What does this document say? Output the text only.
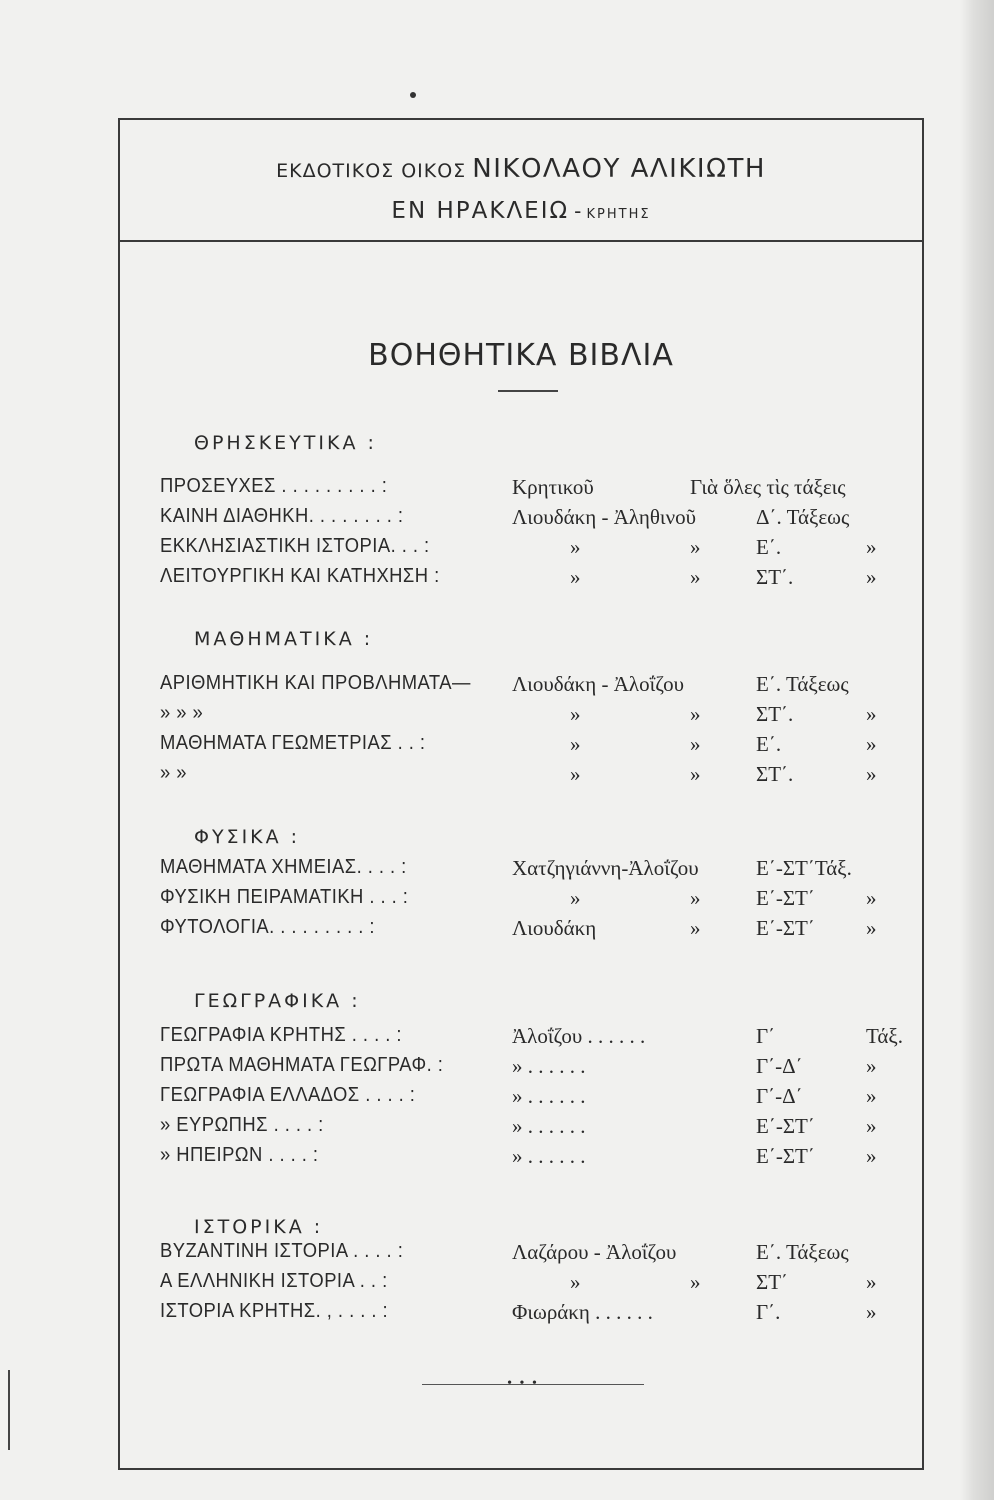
ΕΚΔΟΤΙΚΟΣ ΟΙΚΟΣ ΝΙΚΟΛΑΟΥ ΑΛΙΚΙΩΤΗ
ΕΝ ΗΡΑΚΛΕΙΩ - ΚΡΗΤΗΣ
ΒΟΗΘΗΤΙΚΑ ΒΙΒΛΙΑ
ΘΡΗΣΚΕΥΤΙΚΑ :
ΠΡΟΣΕΥΧΕΣ . . . . . . . . . :	Κρητικοῦ	Γιὰ ὅλες τὶς τάξεις
ΚΑΙΝΗ ΔΙΑΘΗΚΗ. . . . . . . . :	Λιουδάκη - Ἀληθινοῦ	Δ΄. Τάξεως
ΕΚΚΛΗΣΙΑΣΤΙΚΗ ΙΣΤΟΡΙΑ. . . :	»	»	Ε΄.	»
ΛΕΙΤΟΥΡΓΙΚΗ ΚΑΙ ΚΑΤΗΧΗΣΗ :	»	»	ΣΤ΄.	»
ΜΑΘΗΜΑΤΙΚΑ :
ΑΡΙΘΜΗΤΙΚΗ ΚΑΙ ΠΡΟΒΛΗΜΑΤΑ— Λιουδάκη - Ἀλοΐζου	Ε΄. Τάξεως
» » »	»	»	ΣΤ΄.	»
ΜΑΘΗΜΑΤΑ ΓΕΩΜΕΤΡΙΑΣ . . :	»	»	Ε΄.	»
» »	»	»	ΣΤ΄.	»
ΦΥΣΙΚΑ :
ΜΑΘΗΜΑΤΑ ΧΗΜΕΙΑΣ. . . . :	Χατζηγιάννη-Ἀλοΐζου	Ε΄-ΣΤ΄Τάξ.
ΦΥΣΙΚΗ ΠΕΙΡΑΜΑΤΙΚΗ . . . :	»	»	Ε΄-ΣΤ΄ »
ΦΥΤΟΛΟΓΙΑ. . . . . . . . . :	Λιουδάκη	»	Ε΄-ΣΤ΄ »
ΓΕΩΓΡΑΦΙΚΑ :
ΓΕΩΓΡΑΦΙΑ ΚΡΗΤΗΣ . . . . :	Ἀλοΐζου . . . . . .	Γ΄	Τάξ.
ΠΡΩΤΑ ΜΑΘΗΜΑΤΑ ΓΕΩΓΡΑΦ. :	» . . . . . .	Γ΄-Δ΄	»
ΓΕΩΓΡΑΦΙΑ ΕΛΛΑΔΟΣ . . . . :	» . . . . . .	Γ΄-Δ΄	»
» ΕΥΡΩΠΗΣ . . . . :	» . . . . . .	Ε΄-ΣΤ΄ »
» ΗΠΕΙΡΩΝ . . . . :	» . . . . . .	Ε΄-ΣΤ΄ »
ΙΣΤΟΡΙΚΑ :
ΒΥΖΑΝΤΙΝΗ ΙΣΤΟΡΙΑ . . . . :	Λαζάρου - Ἀλοΐζου	Ε΄. Τάξεως
Α ΕΛΛΗΝΙΚΗ ΙΣΤΟΡΙΑ . . :	»	»	ΣΤ΄	»
ΙΣΤΟΡΙΑ ΚΡΗΤΗΣ. , . . . . :	Φιωράκη . . . . . .	Γ΄.	»
• • •
